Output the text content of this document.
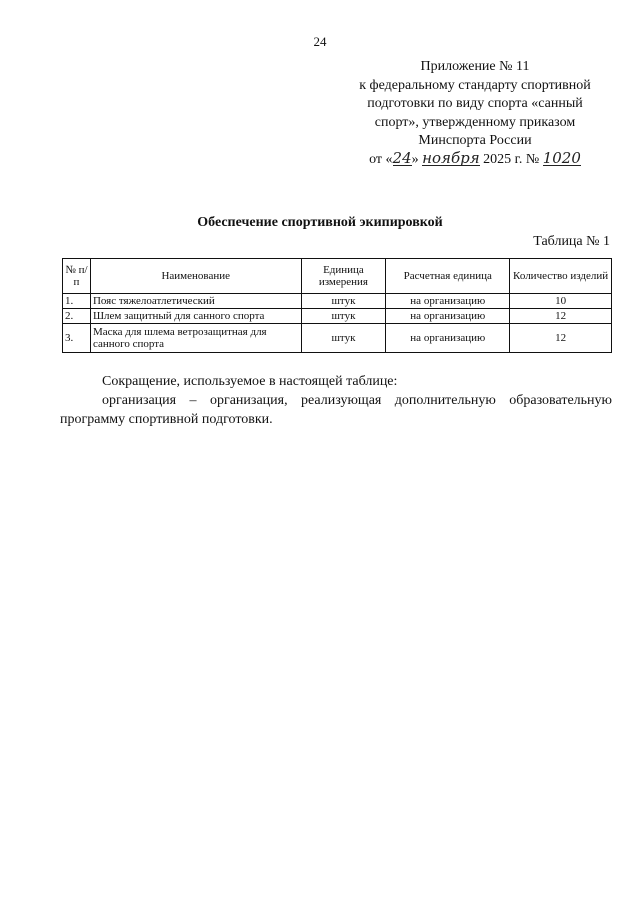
24
Приложение № 11
к федеральному стандарту спортивной
подготовки по виду спорта «санный
спорт», утвержденному приказом
Минспорта России
от «24» ноября 2025 г. № 1020
Обеспечение спортивной экипировкой
Таблица № 1
№ п/п	Наименование	Единица измерения	Расчетная единица	Количество изделий
1.	Пояс тяжелоатлетический	штук	на организацию	10
2.	Шлем защитный для санного спорта	штук	на организацию	12
3.	Маска для шлема ветрозащитная для санного спорта	штук	на организацию	12

Сокращение, используемое в настоящей таблице:

организация – организация, реализующая дополнительную образовательную программу спортивной подготовки.
